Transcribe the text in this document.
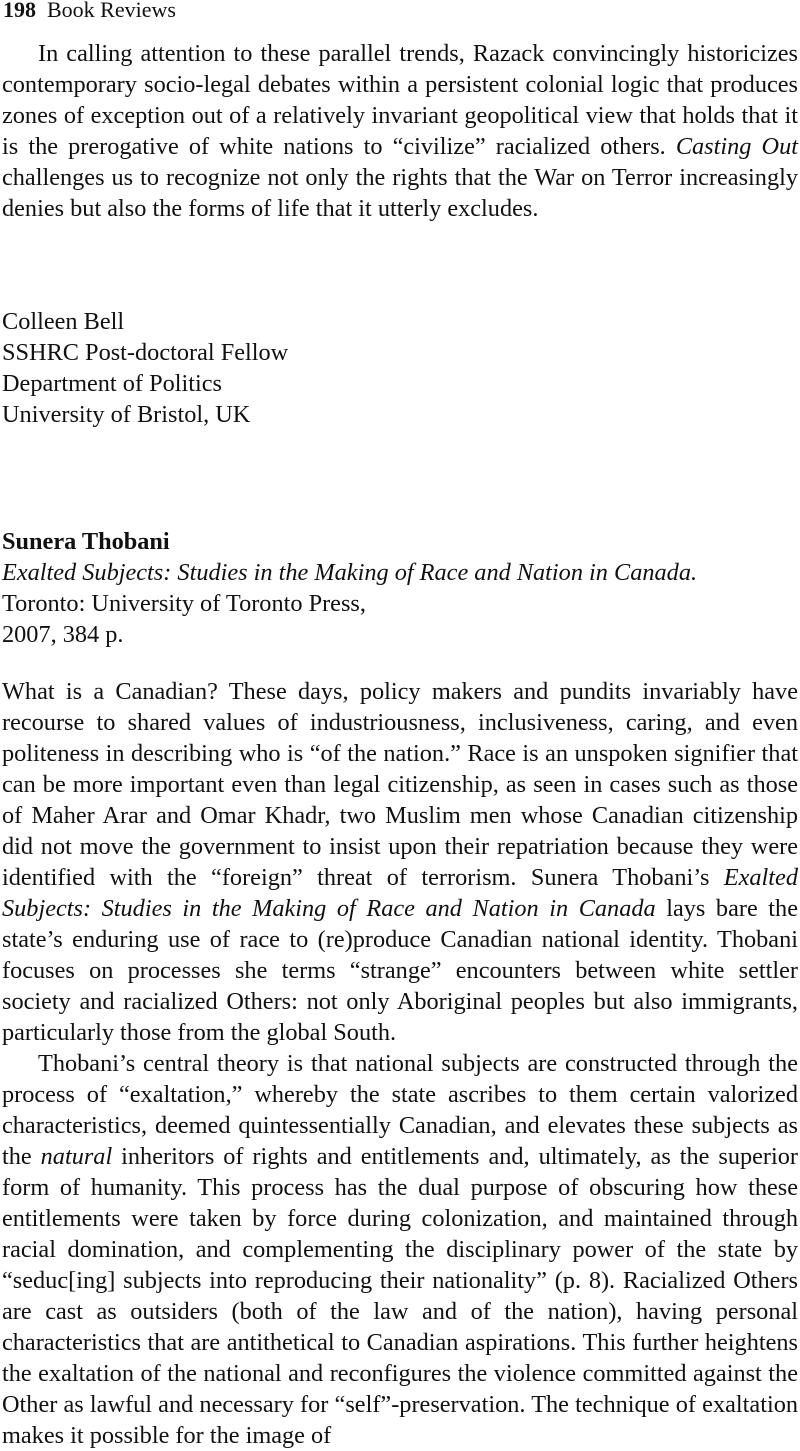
198 Book Reviews

In calling attention to these parallel trends, Razack convincingly historicizes contemporary socio-legal debates within a persistent colonial logic that produces zones of exception out of a relatively invariant geopolitical view that holds that it is the prerogative of white nations to “civilize” racialized others. Casting Out challenges us to recognize not only the rights that the War on Terror increasingly denies but also the forms of life that it utterly excludes.

Colleen Bell
SSHRC Post-doctoral Fellow
Department of Politics
University of Bristol, UK
Sunera Thobani
Exalted Subjects: Studies in the Making of Race and Nation in Canada.
Toronto: University of Toronto Press,
2007, 384 p.

What is a Canadian? These days, policy makers and pundits invariably have recourse to shared values of industriousness, inclusiveness, caring, and even politeness in describing who is “of the nation.” Race is an unspoken signifier that can be more important even than legal citizenship, as seen in cases such as those of Maher Arar and Omar Khadr, two Muslim men whose Canadian citizenship did not move the government to insist upon their repatriation because they were identified with the “foreign” threat of terrorism. Sunera Thobani’s Exalted Subjects: Studies in the Making of Race and Nation in Canada lays bare the state’s enduring use of race to (re)produce Canadian national identity. Thobani focuses on processes she terms “strange” encounters between white settler society and racialized Others: not only Aboriginal peoples but also immigrants, particularly those from the global South.

Thobani’s central theory is that national subjects are constructed through the process of “exaltation,” whereby the state ascribes to them certain valorized characteristics, deemed quintessentially Canadian, and elevates these subjects as the natural inheritors of rights and entitlements and, ultimately, as the superior form of humanity. This process has the dual purpose of obscuring how these entitlements were taken by force during colonization, and maintained through racial domination, and complementing the disciplinary power of the state by “seduc[ing] subjects into reproducing their nationality” (p. 8). Racialized Others are cast as outsiders (both of the law and of the nation), having personal characteristics that are antithetical to Canadian aspirations. This further heightens the exaltation of the national and reconfigures the violence committed against the Other as lawful and necessary for “self”-preservation. The technique of exaltation makes it possible for the image of
